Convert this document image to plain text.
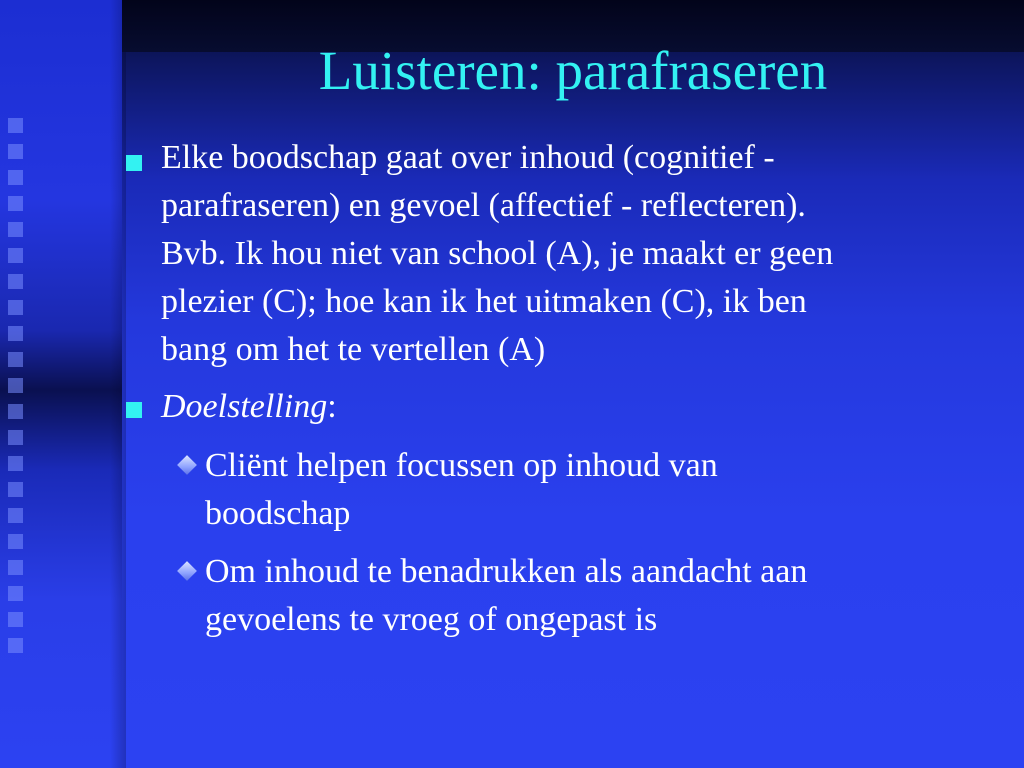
Luisteren: parafraseren
Elke boodschap gaat over inhoud (cognitief -
parafraseren) en gevoel (affectief - reflecteren).
Bvb. Ik hou niet van school (A), je maakt er geen
plezier (C); hoe kan ik het uitmaken (C), ik ben
bang om het te vertellen (A)
Doelstelling:
Cliënt helpen focussen op inhoud van
boodschap
Om inhoud te benadrukken als aandacht aan
gevoelens te vroeg of ongepast is
